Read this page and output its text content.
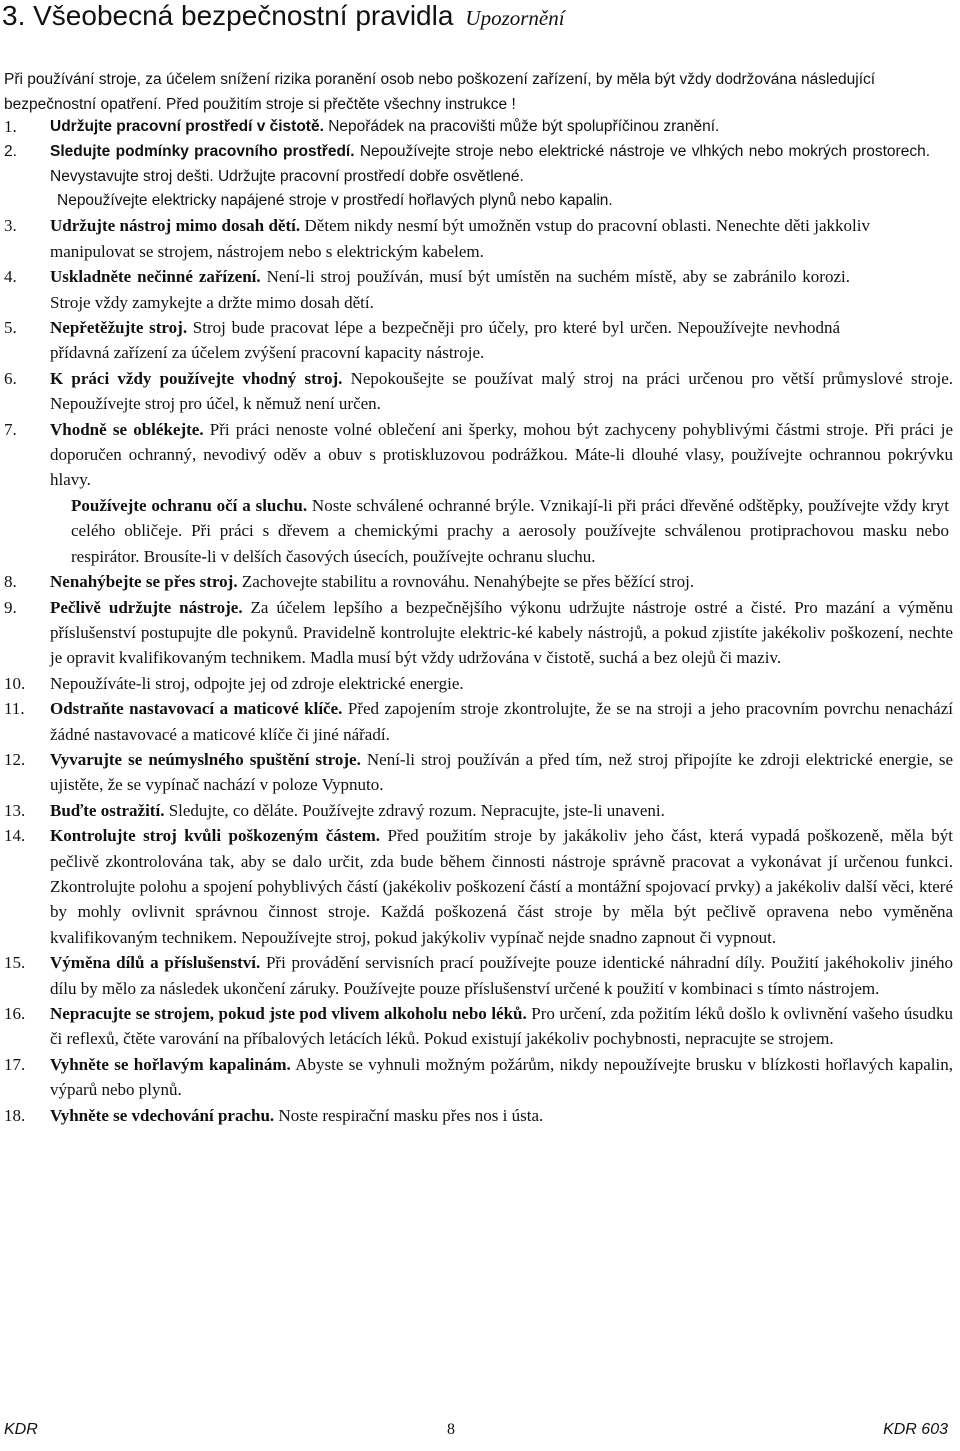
3. Všeobecná bezpečnostní pravidla Upozornění

Při používání stroje, za účelem snížení rizika poranění osob nebo poškození zařízení, by měla být vždy dodržována následující bezpečnostní opatření. Před použitím stroje si přečtěte všechny instrukce !

1.	Udržujte pracovní prostředí v čistotě. Nepořádek na pracovišti může být spolupříčinou zranění.
2.	Sledujte podmínky pracovního prostředí. Nepoužívejte stroje nebo elektrické nástroje ve vlhkých nebo mokrých prostorech. Nevystavujte stroj dešti. Udržujte pracovní prostředí dobře osvětlené.
Nepoužívejte elektricky napájené stroje v prostředí hořlavých plynů nebo kapalin.
3.	Udržujte nástroj mimo dosah dětí. Dětem nikdy nesmí být umožněn vstup do pracovní oblasti. Nenechte děti jakkoliv manipulovat se strojem, nástrojem nebo s elektrickým kabelem.
4.	Uskladněte nečinné zařízení. Není-li stroj používán, musí být umístěn na suchém místě, aby se zabránilo korozi. Stroje vždy zamykejte a držte mimo dosah dětí.
5.	Nepřetěžujte stroj. Stroj bude pracovat lépe a bezpečněji pro účely, pro které byl určen. Nepoužívejte nevhodná přídavná zařízení za účelem zvýšení pracovní kapacity nástroje.
6.	K práci vždy používejte vhodný stroj. Nepokoušejte se používat malý stroj na práci určenou pro větší průmyslové stroje. Nepoužívejte stroj pro účel, k němuž není určen.
7.	Vhodně se oblékejte. Při práci nenoste volné oblečení ani šperky, mohou být zachyceny pohyblivými částmi stroje. Při práci je doporučen ochranný, nevodivý oděv a obuv s protiskluzovou podrážkou. Máte-li dlouhé vlasy, používejte ochrannou pokrývku hlavy.
Používejte ochranu očí a sluchu. Noste schválené ochranné brýle. Vznikají-li při práci dřevěné odštěpky, používejte vždy kryt celého obličeje. Při práci s dřevem a chemickými prachy a aerosoly používejte schválenou protiprachovou masku nebo respirátor. Brousíte-li v delších časových úsecích, používejte ochranu sluchu.
8.	Nenahýbejte se přes stroj. Zachovejte stabilitu a rovnováhu. Nenahýbejte se přes běžící stroj.
9.	Pečlivě udržujte nástroje. Za účelem lepšího a bezpečnějšího výkonu udržujte nástroje ostré a čisté. Pro mazání a výměnu příslušenství postupujte dle pokynů. Pravidelně kontrolujte elektric-ké kabely nástrojů, a pokud zjistíte jakékoliv poškození, nechte je opravit kvalifikovaným technikem. Madla musí být vždy udržována v čistotě, suchá a bez olejů či maziv.
10.	Nepoužíváte-li stroj, odpojte jej od zdroje elektrické energie.
11.	Odstraňte nastavovací a maticové klíče. Před zapojením stroje zkontrolujte, že se na stroji a jeho pracovním povrchu nenachází žádné nastavovacé a maticové klíče či jiné nářadí.
12.	Vyvarujte se neúmyslného spuštění stroje. Není-li stroj používán a před tím, než stroj připojíte ke zdroji elektrické energie, se ujistěte, že se vypínač nachází v poloze Vypnuto.
13.	Buďte ostražití. Sledujte, co děláte. Používejte zdravý rozum. Nepracujte, jste-li unaveni.
14.	Kontrolujte stroj kvůli poškozeným částem. Před použitím stroje by jakákoliv jeho část, která vypadá poškozeně, měla být pečlivě zkontrolována tak, aby se dalo určit, zda bude během činnosti nástroje správně pracovat a vykonávat jí určenou funkci. Zkontrolujte polohu a spojení pohyblivých částí (jakékoliv poškození částí a montážní spojovací prvky) a jakékoliv další věci, které by mohly ovlivnit správnou činnost stroje. Každá poškozená část stroje by měla být pečlivě opravena nebo vyměněna kvalifikovaným technikem. Nepoužívejte stroj, pokud jakýkoliv vypínač nejde snadno zapnout či vypnout.
15.	Výměna dílů a příslušenství. Při provádění servisních prací používejte pouze identické náhradní díly. Použití jakéhokoliv jiného dílu by mělo za následek ukončení záruky. Používejte pouze příslušenství určené k použití v kombinaci s tímto nástrojem.
16.	Nepracujte se strojem, pokud jste pod vlivem alkoholu nebo léků. Pro určení, zda požitím léků došlo k ovlivnění vašeho úsudku či reflexů, čtěte varování na příbalových letácích léků. Pokud existují jakékoliv pochybnosti, nepracujte se strojem.
17.	Vyhněte se hořlavým kapalinám. Abyste se vyhnuli možným požárům, nikdy nepoužívejte brusku v blízkosti hořlavých kapalin, výparů nebo plynů.
18.	Vyhněte se vdechování prachu. Noste respirační masku přes nos i ústa.
KDR	8	KDR 603
